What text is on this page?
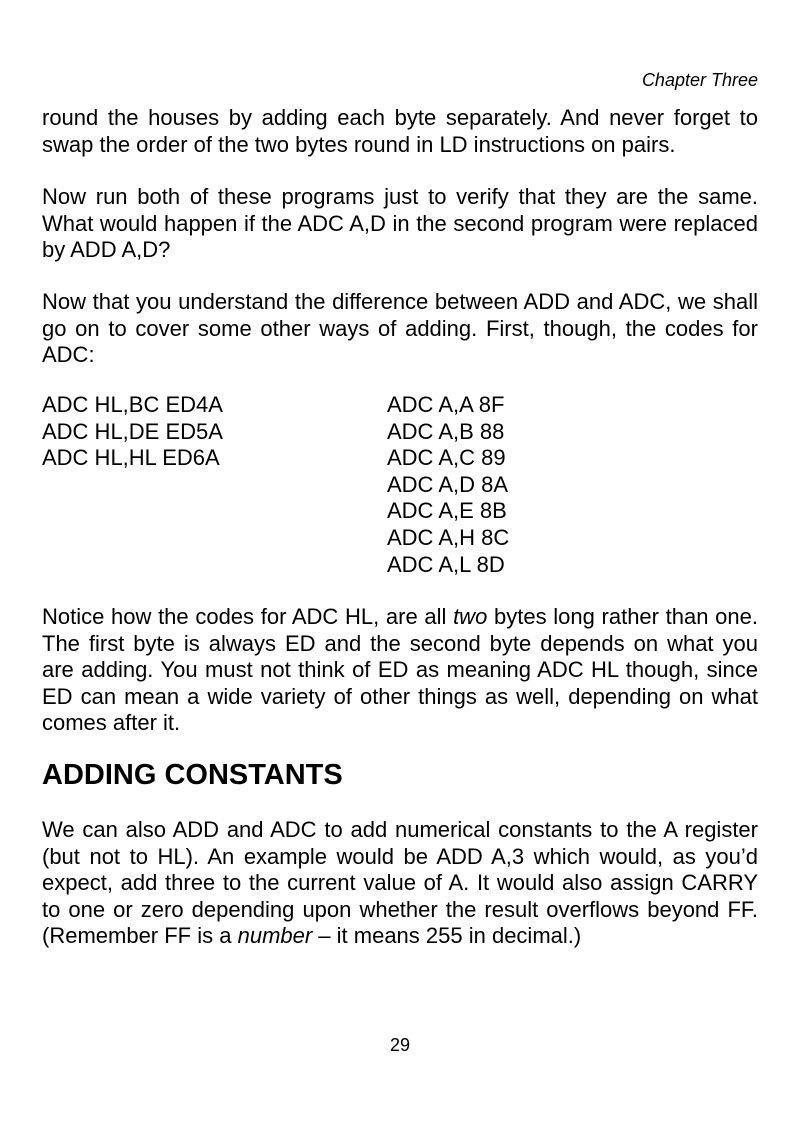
Chapter Three

round the houses by adding each byte separately. And never forget to swap the order of the two bytes round in LD instructions on pairs.

Now run both of these programs just to verify that they are the same. What would happen if the ADC A,D in the second program were replaced by ADD A,D?

Now that you understand the difference between ADD and ADC, we shall go on to cover some other ways of adding. First, though, the codes for ADC:

ADC HL,BC ED4A
ADC HL,DE ED5A
ADC HL,HL ED6A
ADC A,A 8F
ADC A,B 88
ADC A,C 89
ADC A,D 8A
ADC A,E 8B
ADC A,H 8C
ADC A,L 8D

Notice how the codes for ADC HL, are all two bytes long rather than one. The first byte is always ED and the second byte depends on what you are adding. You must not think of ED as meaning ADC HL though, since ED can mean a wide variety of other things as well, depending on what comes after it.

ADDING CONSTANTS

We can also ADD and ADC to add numerical constants to the A register (but not to HL). An example would be ADD A,3 which would, as you’d expect, add three to the current value of A. It would also assign CARRY to one or zero depending upon whether the result overflows beyond FF. (Remember FF is a number – it means 255 in decimal.)

29
